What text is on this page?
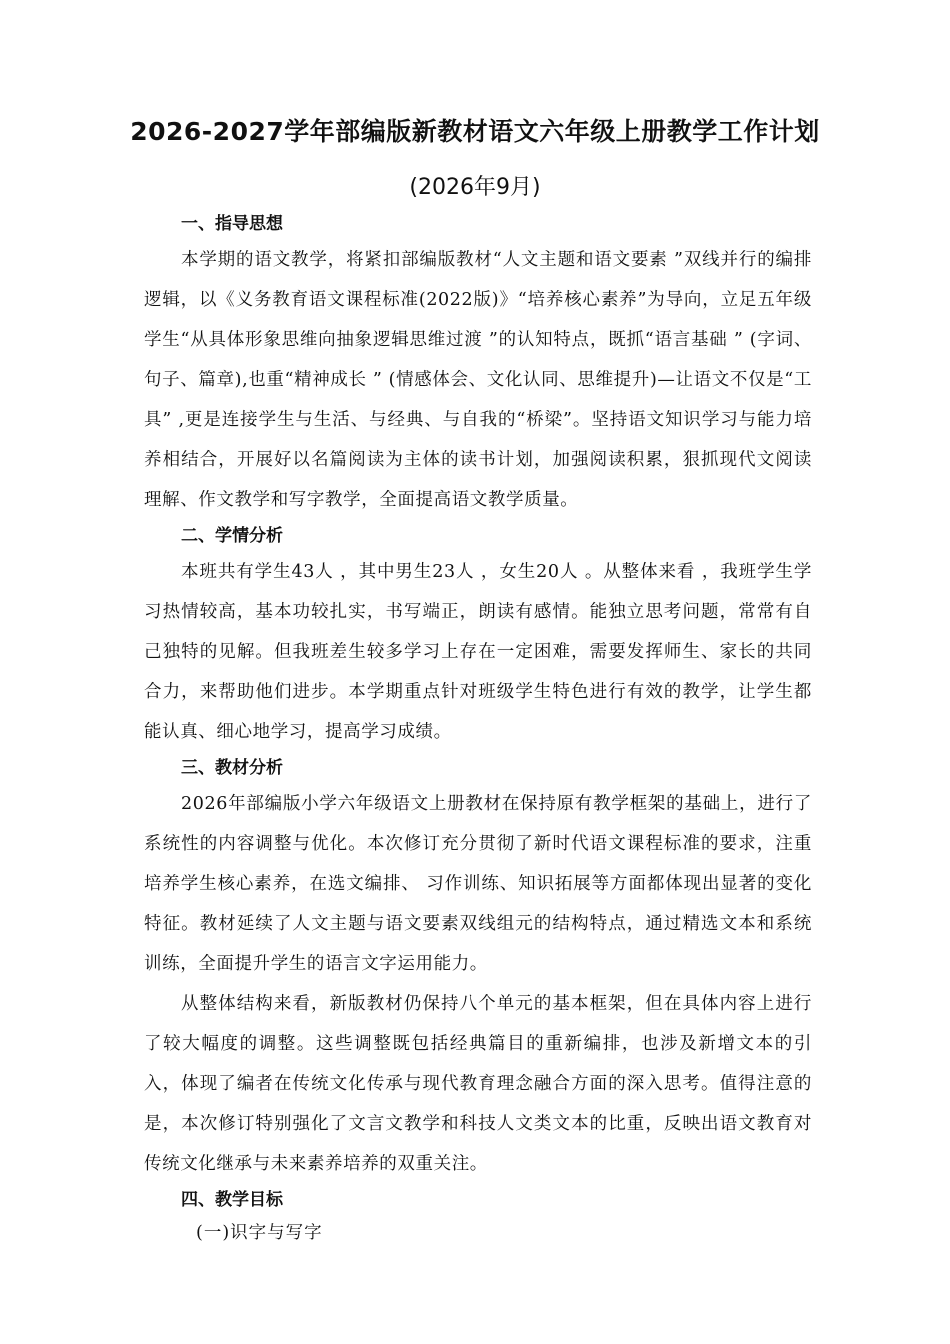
2026-2027学年部编版新教材语文六年级上册教学工作计划

(2026年9月)

一、指导思想

本学期的语文教学，将紧扣部编版教材“人文主题和语文要素 ”双线并行的编排逻辑，以《义务教育语文课程标准(2022版)》“培养核心素养”为导向，立足五年级学生“从具体形象思维向抽象逻辑思维过渡 ”的认知特点，既抓“语言基础 ” (字词、句子、篇章),也重“精神成长 ” (情感体会、文化认同、思维提升)—让语文不仅是“工具” ,更是连接学生与生活、与经典、与自我的“桥梁”。坚持语文知识学习与能力培养相结合，开展好以名篇阅读为主体的读书计划，加强阅读积累，狠抓现代文阅读理解、作文教学和写字教学，全面提高语文教学质量。

二、学情分析

本班共有学生43人 ，其中男生23人 ，女生20人 。从整体来看 ，我班学生学习热情较高，基本功较扎实，书写端正，朗读有感情。能独立思考问题，常常有自 己独特的见解。但我班差生较多学习上存在一定困难，需要发挥师生、家长的共同合力，来帮助他们进步。本学期重点针对班级学生特色进行有效的教学，让学生都能认真、细心地学习，提高学习成绩。

三、教材分析

2026年部编版小学六年级语文上册教材在保持原有教学框架的基础上，进行了系统性的内容调整与优化。本次修订充分贯彻了新时代语文课程标准的要求，注重培养学生核心素养，在选文编排、 习作训练、知识拓展等方面都体现出显著的变化特征。教材延续了人文主题与语文要素双线组元的结构特点，通过精选文本和系统训练，全面提升学生的语言文字运用能力。

从整体结构来看，新版教材仍保持八个单元的基本框架，但在具体内容上进行了较大幅度的调整。这些调整既包括经典篇目的重新编排，也涉及新增文本的引入，体现了编者在传统文化传承与现代教育理念融合方面的深入思考。值得注意的是，本次修订特别强化了文言文教学和科技人文类文本的比重，反映出语文教育对传统文化继承与未来素养培养的双重关注。

四、教学目标

(一)识字与写字
